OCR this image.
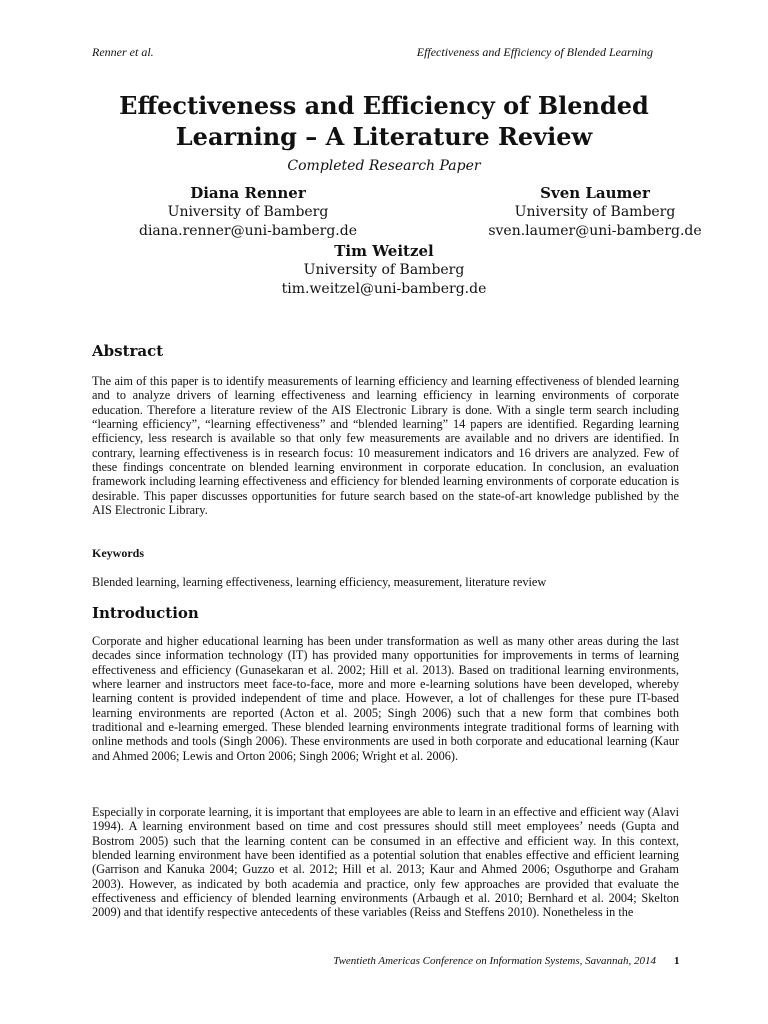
Renner et al.	Effectiveness and Efficiency of Blended Learning
Effectiveness and Efficiency of Blended
Learning – A Literature Review
Completed Research Paper
Diana Renner
University of Bamberg
diana.renner@uni-bamberg.de
Sven Laumer
University of Bamberg
sven.laumer@uni-bamberg.de
Tim Weitzel
University of Bamberg
tim.weitzel@uni-bamberg.de
Abstract

The aim of this paper is to identify measurements of learning efficiency and learning effectiveness of blended learning and to analyze drivers of learning effectiveness and learning efficiency in learning environments of corporate education. Therefore a literature review of the AIS Electronic Library is done. With a single term search including “learning efficiency”, “learning effectiveness” and “blended learning” 14 papers are identified. Regarding learning efficiency, less research is available so that only few measurements are available and no drivers are identified. In contrary, learning effectiveness is in research focus: 10 measurement indicators and 16 drivers are analyzed. Few of these findings concentrate on blended learning environment in corporate education. In conclusion, an evaluation framework including learning effectiveness and efficiency for blended learning environments of corporate education is desirable. This paper discusses opportunities for future search based on the state-of-art knowledge published by the AIS Electronic Library.

Keywords

Blended learning, learning effectiveness, learning efficiency, measurement, literature review

Introduction

Corporate and higher educational learning has been under transformation as well as many other areas during the last decades since information technology (IT) has provided many opportunities for improvements in terms of learning effectiveness and efficiency (Gunasekaran et al. 2002; Hill et al. 2013). Based on traditional learning environments, where learner and instructors meet face-to-face, more and more e-learning solutions have been developed, whereby learning content is provided independent of time and place. However, a lot of challenges for these pure IT-based learning environments are reported (Acton et al. 2005; Singh 2006) such that a new form that combines both traditional and e-learning emerged. These blended learning environments integrate traditional forms of learning with online methods and tools (Singh 2006). These environments are used in both corporate and educational learning (Kaur and Ahmed 2006; Lewis and Orton 2006; Singh 2006; Wright et al. 2006).

Especially in corporate learning, it is important that employees are able to learn in an effective and efficient way (Alavi 1994). A learning environment based on time and cost pressures should still meet employees’ needs (Gupta and Bostrom 2005) such that the learning content can be consumed in an effective and efficient way. In this context, blended learning environment have been identified as a potential solution that enables effective and efficient learning (Garrison and Kanuka 2004; Guzzo et al. 2012; Hill et al. 2013; Kaur and Ahmed 2006; Osguthorpe and Graham 2003). However, as indicated by both academia and practice, only few approaches are provided that evaluate the effectiveness and efficiency of blended learning environments (Arbaugh et al. 2010; Bernhard et al. 2004; Skelton 2009) and that identify respective antecedents of these variables (Reiss and Steffens 2010). Nonetheless in the

Twentieth Americas Conference on Information Systems, Savannah, 2014 1
